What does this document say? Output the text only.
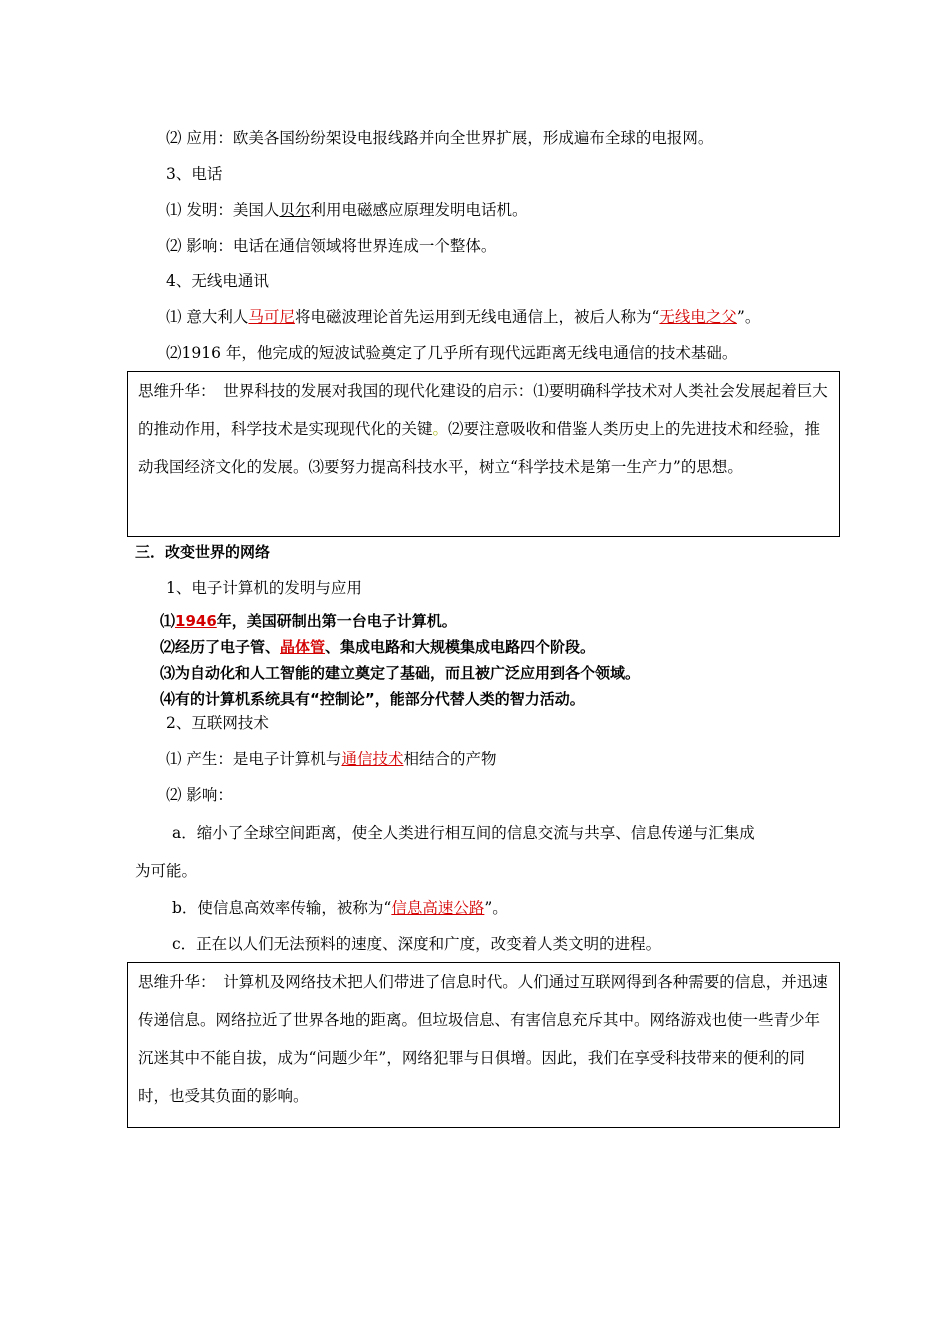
⑵ 应用：欧美各国纷纷架设电报线路并向全世界扩展，形成遍布全球的电报网。
3、电话
⑴ 发明：美国人贝尔利用电磁感应原理发明电话机。
⑵ 影响：电话在通信领域将世界连成一个整体。
4、无线电通讯
⑴ 意大利人马可尼将电磁波理论首先运用到无线电通信上，被后人称为“无线电之父”。
⑵1916 年，他完成的短波试验奠定了几乎所有现代远距离无线电通信的技术基础。
思维升华：　世界科技的发展对我国的现代化建设的启示：⑴要明确科学技术对人类社会发展起着巨大的推动作用，科学技术是实现现代化的关键。⑵要注意吸收和借鉴人类历史上的先进技术和经验，推动我国经济文化的发展。⑶要努力提高科技水平，树立“科学技术是第一生产力”的思想。
三．改变世界的网络
1、电子计算机的发明与应用
⑴1946年，美国研制出第一台电子计算机。
⑵经历了电子管、晶体管、集成电路和大规模集成电路四个阶段。
⑶为自动化和人工智能的建立奠定了基础，而且被广泛应用到各个领域。
⑷有的计算机系统具有“控制论”，能部分代替人类的智力活动。
2、互联网技术
⑴ 产生：是电子计算机与通信技术相结合的产物
⑵ 影响：
a．缩小了全球空间距离，使全人类进行相互间的信息交流与共享、信息传递与汇集成
为可能。
b．使信息高效率传输，被称为“信息高速公路”。
c．正在以人们无法预料的速度、深度和广度，改变着人类文明的进程。
思维升华：　计算机及网络技术把人们带进了信息时代。人们通过互联网得到各种需要的信息，并迅速传递信息。网络拉近了世界各地的距离。但垃圾信息、有害信息充斥其中。网络游戏也使一些青少年沉迷其中不能自拔，成为“问题少年”，网络犯罪与日俱增。因此，我们在享受科技带来的便利的同时，也受其负面的影响。
